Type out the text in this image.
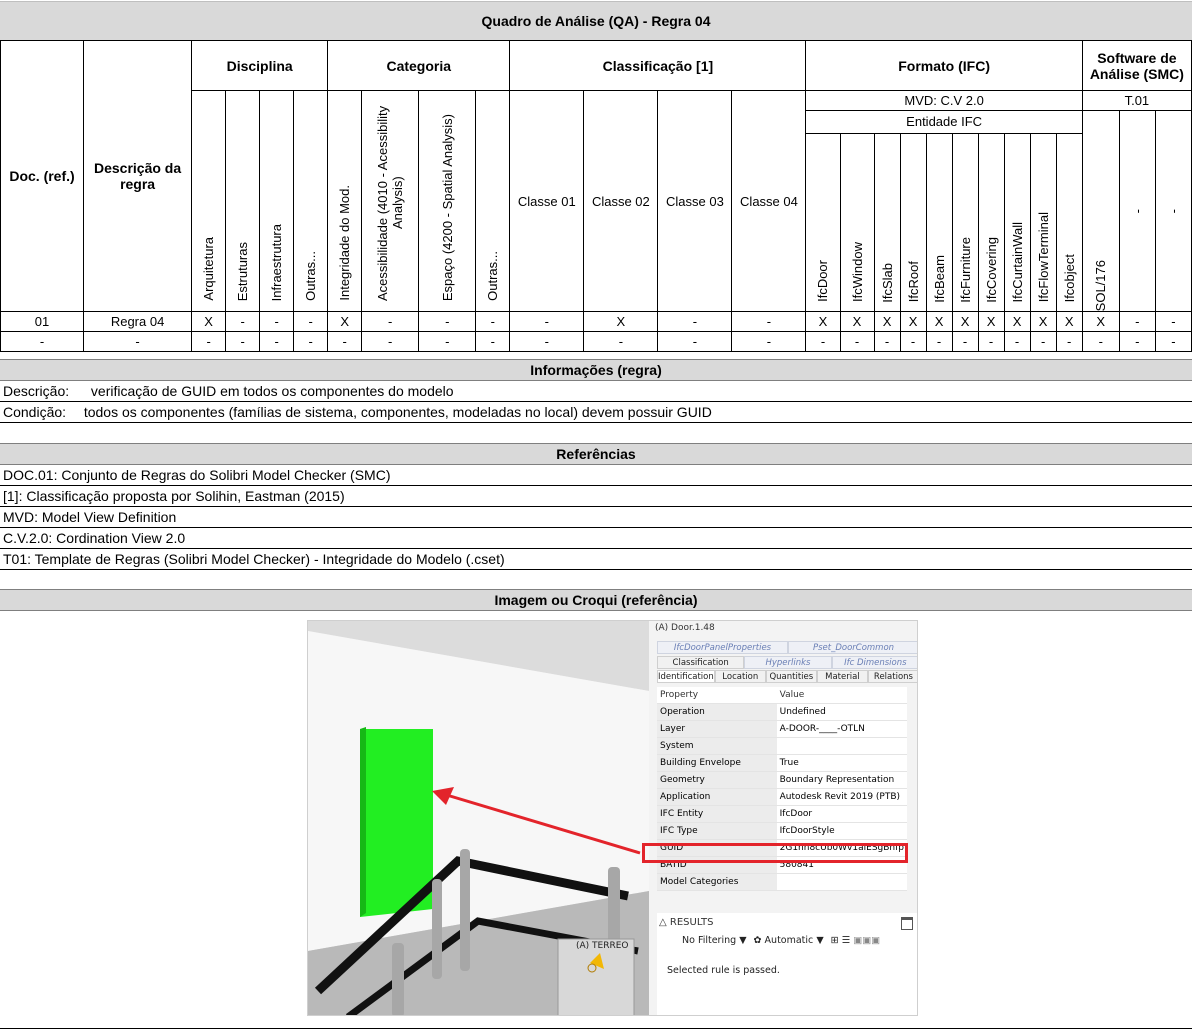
Quadro de Análise (QA) - Regra 04
Doc. (ref.)	Descrição da regra	Disciplina				Categoria				Classificação [1]				Formato (IFC)										Software de Análise (SMC)		

		Arquitetura	Estruturas	Infraestrutura	Outras...	Integridade do Mod.	Acessibilidade (4010 - Acessibility Analysis)	Espaço (4200 - Spatial Analysis)	Outras...	Classe 01	Classe 02	Classe 03	Classe 04	MVD: C.V 2.0										T.01		
														Entidade IFC										SOL/176	-	-

														IfcDoor	IfcWindow	IfcSlab	IfcRoof	IfcBeam	IfcFurniture	IfcCovering	IfcCurtainWall	IfcFlowTerminal	Ifcobject			

01	Regra 04	X	-	-	-	X	-	-	-	-	X	-	-	X	X	X	X	X	X	X	X	X	X	X	-	-
-	-	-	-	-	-	-	-	-	-	-	-	-	-	-	-	-	-	-	-	-	-	-	-	-	-	-
Informações (regra)
Descrição: verificação de GUID em todos os componentes do modelo
Condição: todos os componentes (famílias de sistema, componentes, modeladas no local) devem possuir GUID
Referências
DOC.01: Conjunto de Regras do Solibri Model Checker (SMC)
[1]: Classificação proposta por Solihin, Eastman (2015)
MVD: Model View Definition
C.V.2.0: Cordination View 2.0
T01: Template de Regras (Solibri Model Checker) - Integridade do Modelo (.cset)
Imagem ou Croqui (referência)
(A) TERREO
(A) Door.1.48
IfcDoorPanelProperties	Pset_DoorCommon
Classification	Hyperlinks	Ifc Dimensions
Identification	Location	Quantities	Material	Relations
Property	Value
Operation	Undefined
Layer	A-DOOR-____-OTLN
System	
Building Envelope	True
Geometry	Boundary Representation
Application	Autodesk Revit 2019 (PTB)
IFC Entity	IfcDoor
IFC Type	IfcDoorStyle
GUID	2G1hh8cUb0Wv1aiESgBhfp
BATID	580841
Model Categories	
△ RESULTS
No Filtering ▼ ✿ Automatic ▼ ⊞ ☰ ▣▣▣
Selected rule is passed.
